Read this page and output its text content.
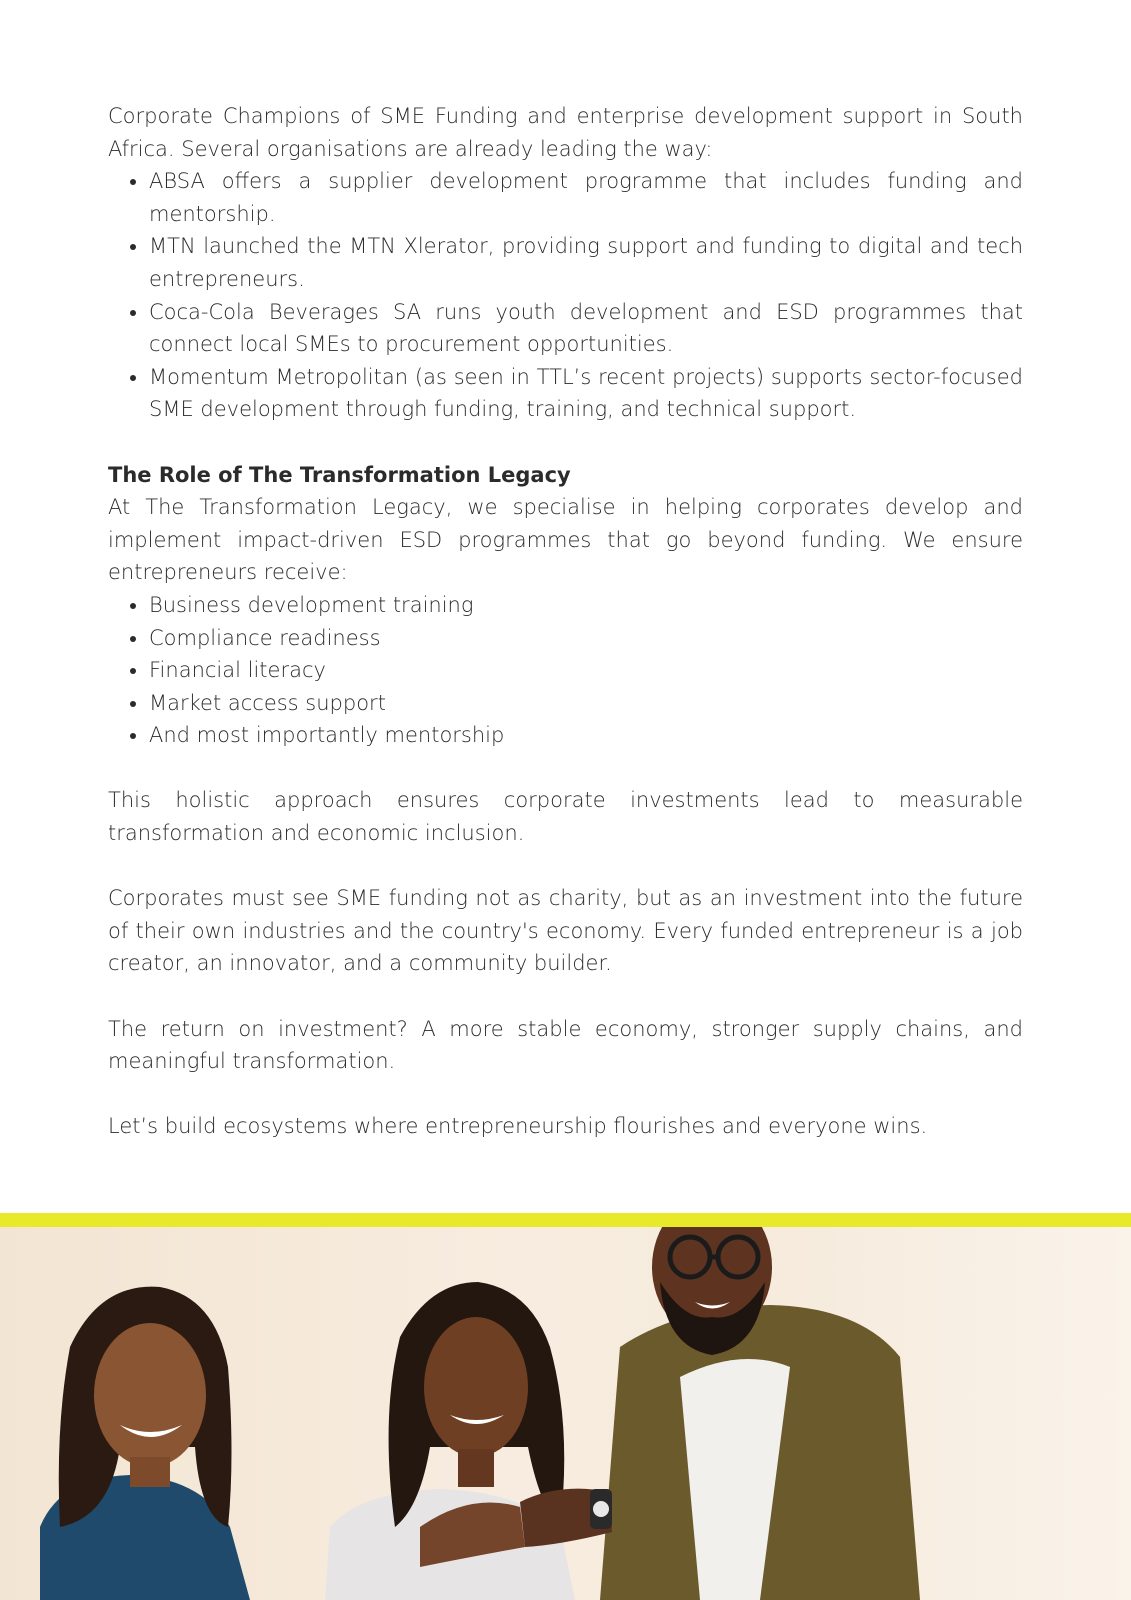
Corporate Champions of SME Funding and enterprise development support in South Africa. Several organisations are already leading the way:

• ABSA offers a supplier development programme that includes funding and mentorship.
• MTN launched the MTN Xlerator, providing support and funding to digital and tech entrepreneurs.
• Coca-Cola Beverages SA runs youth development and ESD programmes that connect local SMEs to procurement opportunities.
• Momentum Metropolitan (as seen in TTL’s recent projects) supports sector-focused SME development through funding, training, and technical support.

The Role of The Transformation Legacy

At The Transformation Legacy, we specialise in helping corporates develop and implement impact-driven ESD programmes that go beyond funding. We ensure entrepreneurs receive:

• Business development training
• Compliance readiness
• Financial literacy
• Market access support
• And most importantly mentorship

This holistic approach ensures corporate investments lead to measurable transformation and economic inclusion.

Corporates must see SME funding not as charity, but as an investment into the future of their own industries and the country's economy. Every funded entrepreneur is a job creator, an innovator, and a community builder.

The return on investment? A more stable economy, stronger supply chains, and meaningful transformation.

Let’s build ecosystems where entrepreneurship flourishes and everyone wins.
